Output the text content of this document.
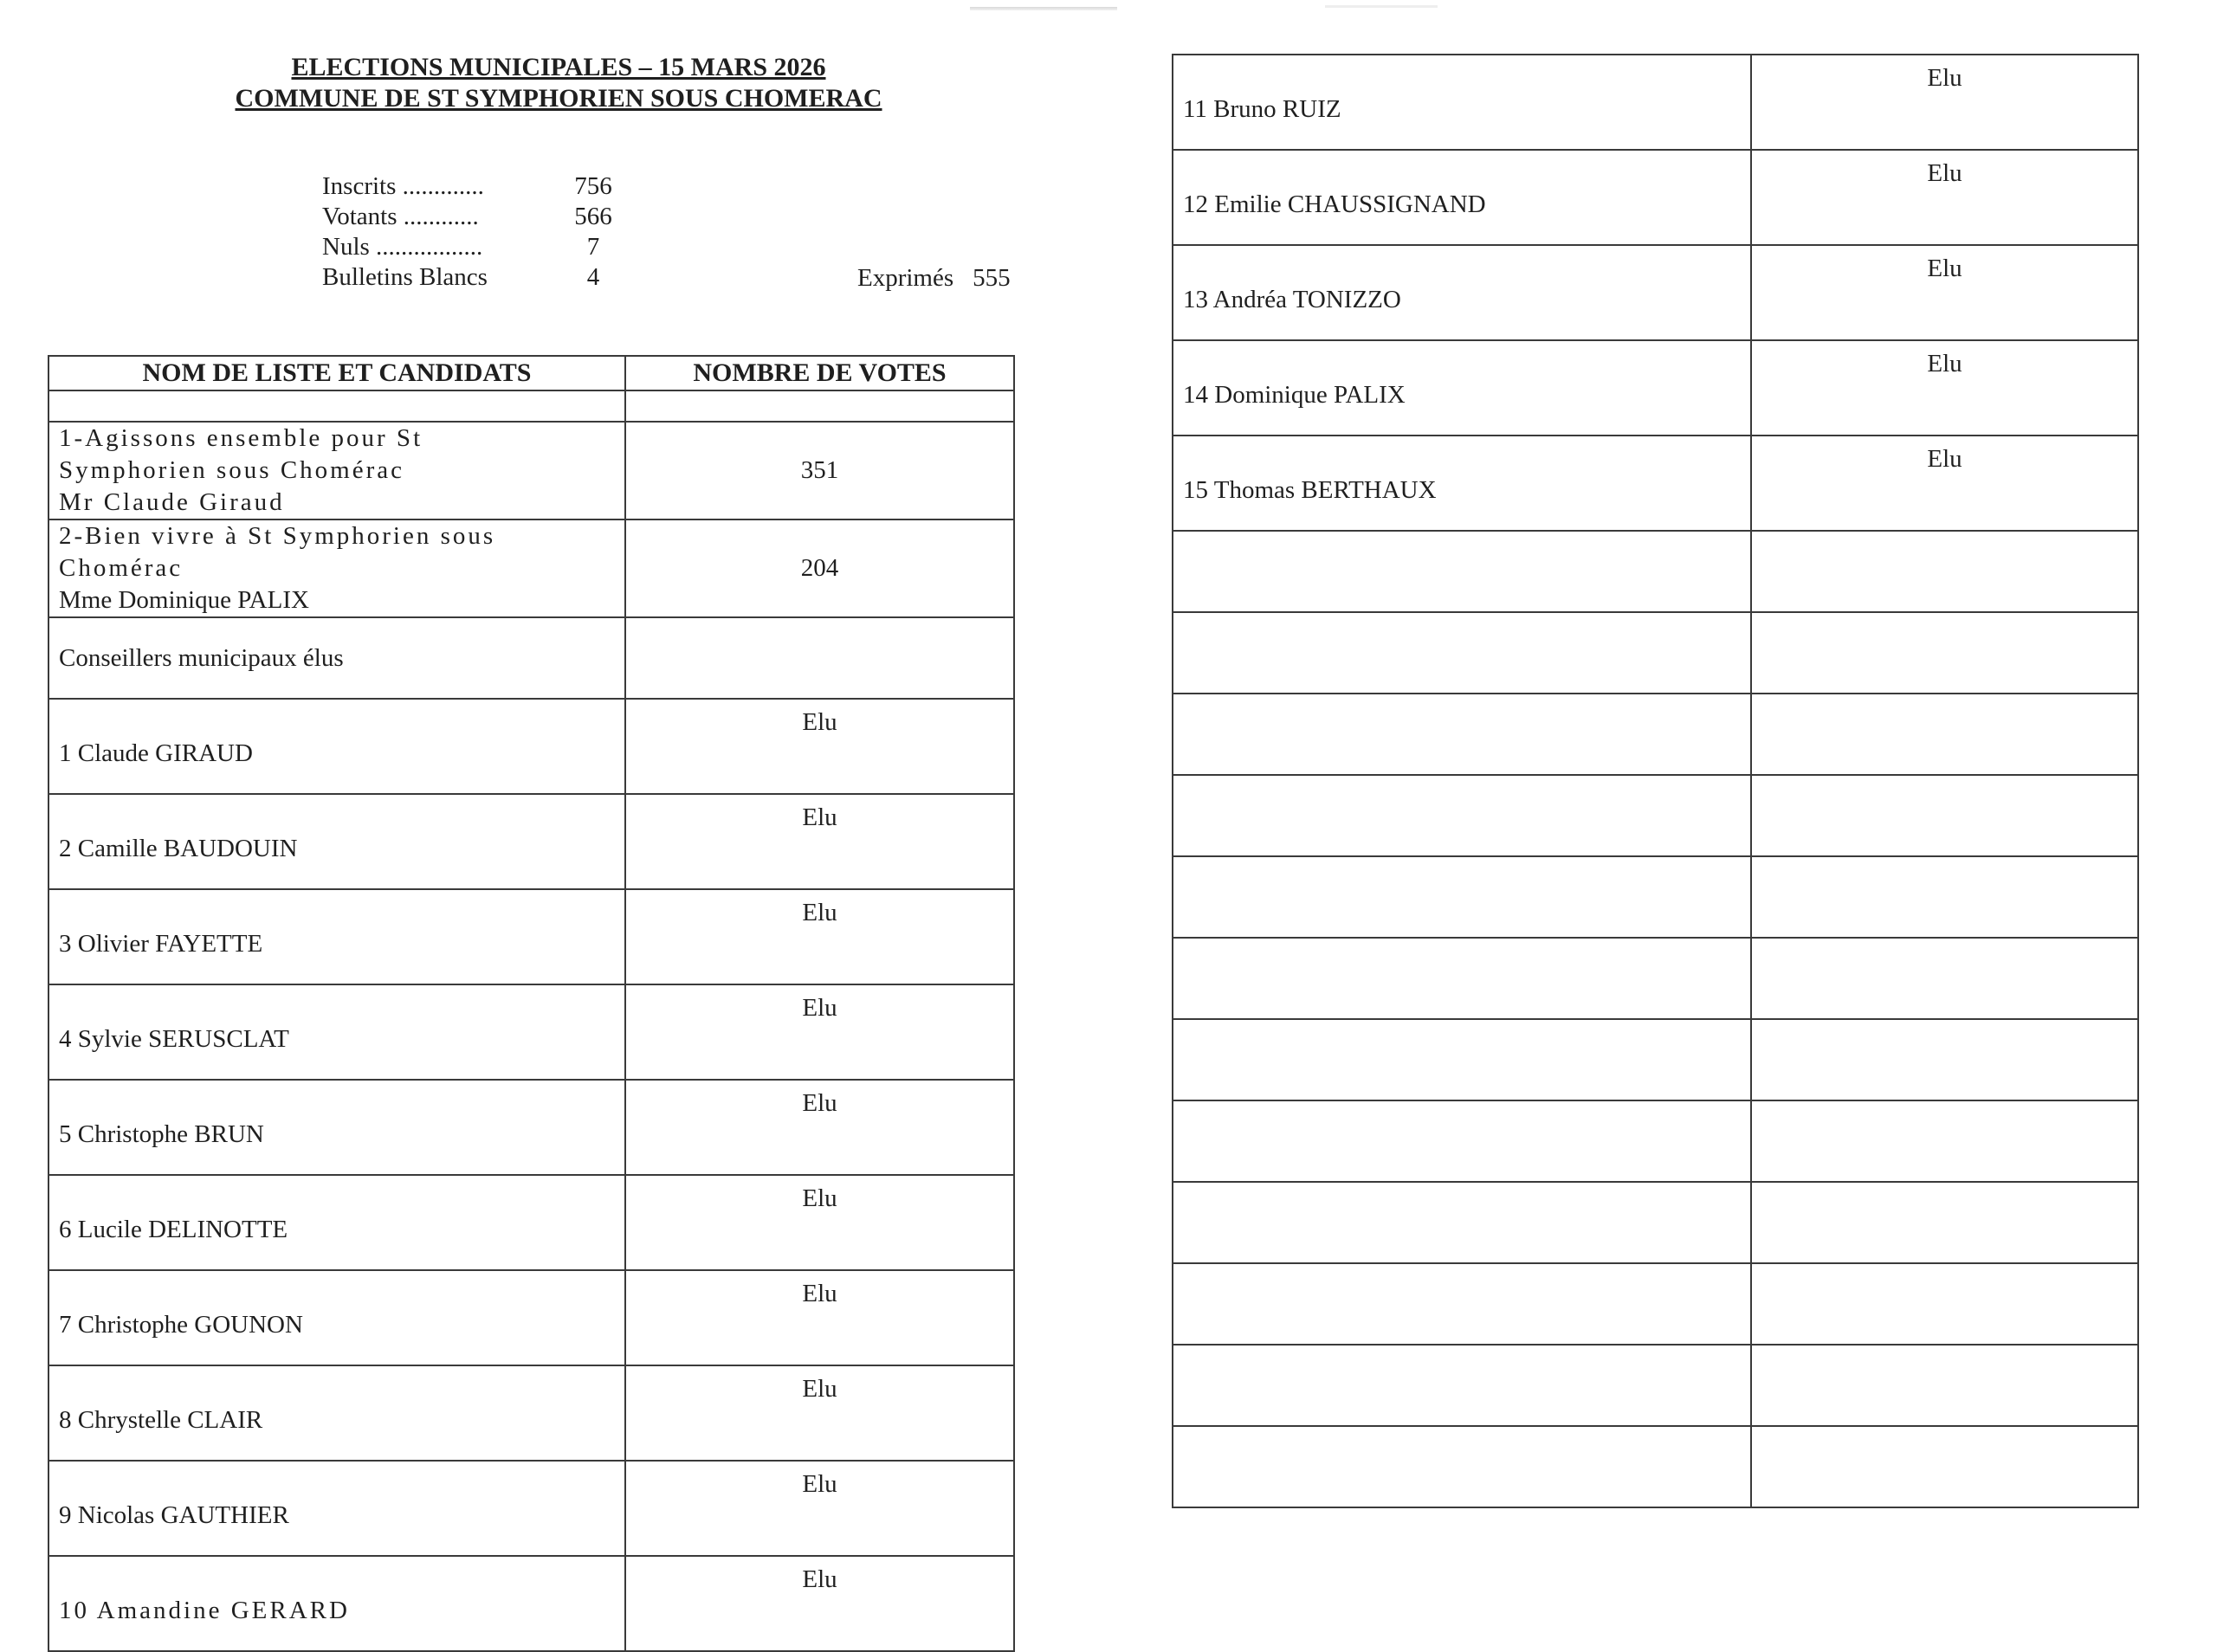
ELECTIONS MUNICIPALES – 15 MARS 2026
COMMUNE DE ST SYMPHORIEN SOUS CHOMERAC
Inscrits .............	756
Votants ............	566
Nuls .................	7
Bulletins Blancs	4	Exprimés 555
NOM DE LISTE ET CANDIDATS	NOMBRE DE VOTES

1-Agissons ensemble pour St
Symphorien sous Chomérac
Mr Claude Giraud	351

2-Bien vivre à St Symphorien sous
Chomérac
Mme Dominique PALIX	204
Conseillers municipaux élus	
1 Claude GIRAUD	Elu
2 Camille BAUDOUIN	Elu
3 Olivier FAYETTE	Elu
4 Sylvie SERUSCLAT	Elu
5 Christophe BRUN	Elu
6 Lucile DELINOTTE	Elu
7 Christophe GOUNON	Elu
8 Chrystelle CLAIR	Elu
9 Nicolas GAUTHIER	Elu
10 Amandine GERARD	Elu
11 Bruno RUIZ	Elu
12 Emilie CHAUSSIGNAND	Elu
13 Andréa TONIZZO	Elu
14 Dominique PALIX	Elu
15 Thomas BERTHAUX	Elu
